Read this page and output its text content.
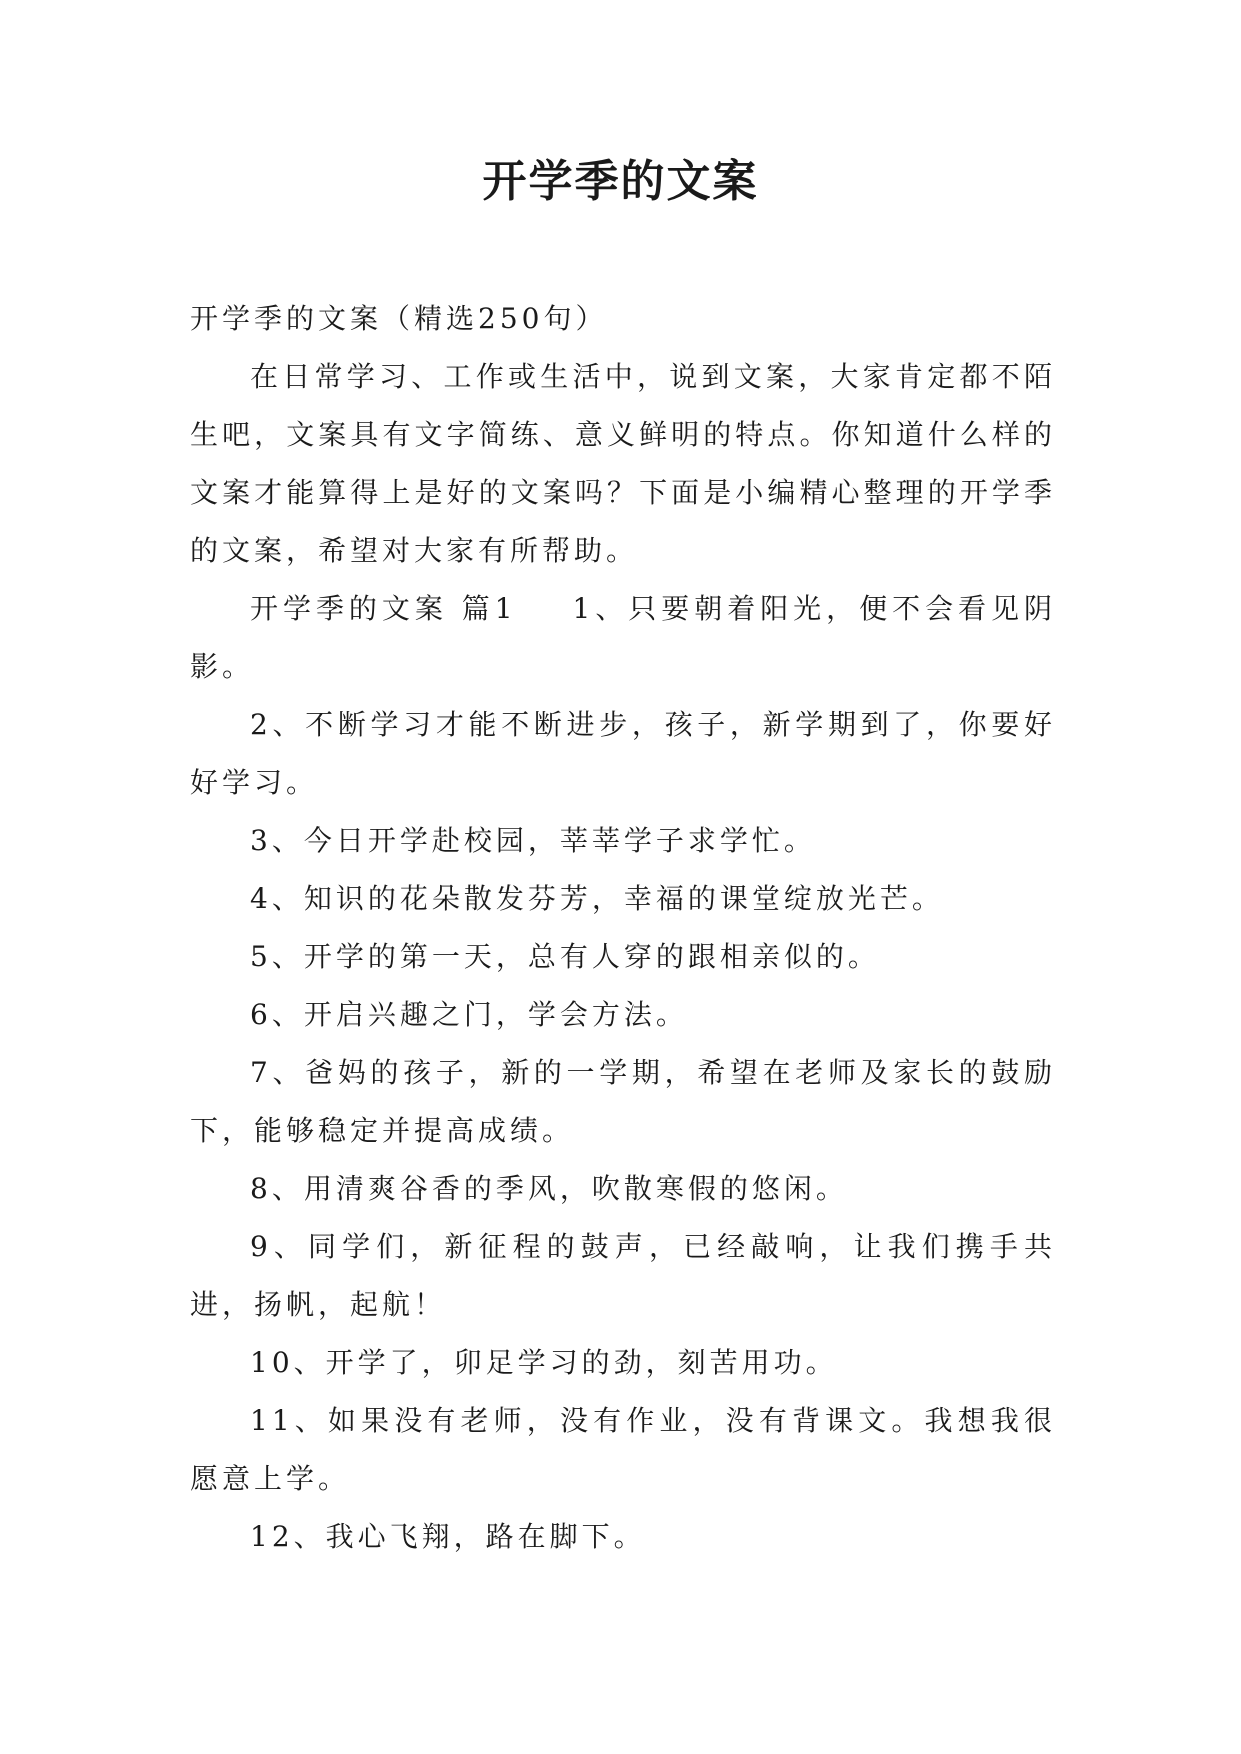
开学季的文案

开学季的文案（精选250句）

在日常学习、工作或生活中，说到文案，大家肯定都不陌生吧，文案具有文字简练、意义鲜明的特点。你知道什么样的文案才能算得上是好的文案吗？下面是小编精心整理的开学季的文案，希望对大家有所帮助。

开学季的文案 篇1 1、只要朝着阳光，便不会看见阴影。

2、不断学习才能不断进步，孩子，新学期到了，你要好好学习。

3、今日开学赴校园，莘莘学子求学忙。

4、知识的花朵散发芬芳，幸福的课堂绽放光芒。

5、开学的第一天，总有人穿的跟相亲似的。

6、开启兴趣之门，学会方法。

7、爸妈的孩子，新的一学期，希望在老师及家长的鼓励下，能够稳定并提高成绩。

8、用清爽谷香的季风，吹散寒假的悠闲。

9、同学们，新征程的鼓声，已经敲响，让我们携手共进，扬帆，起航！

10、开学了，卯足学习的劲，刻苦用功。

11、如果没有老师，没有作业，没有背课文。我想我很愿意上学。

12、我心飞翔，路在脚下。
